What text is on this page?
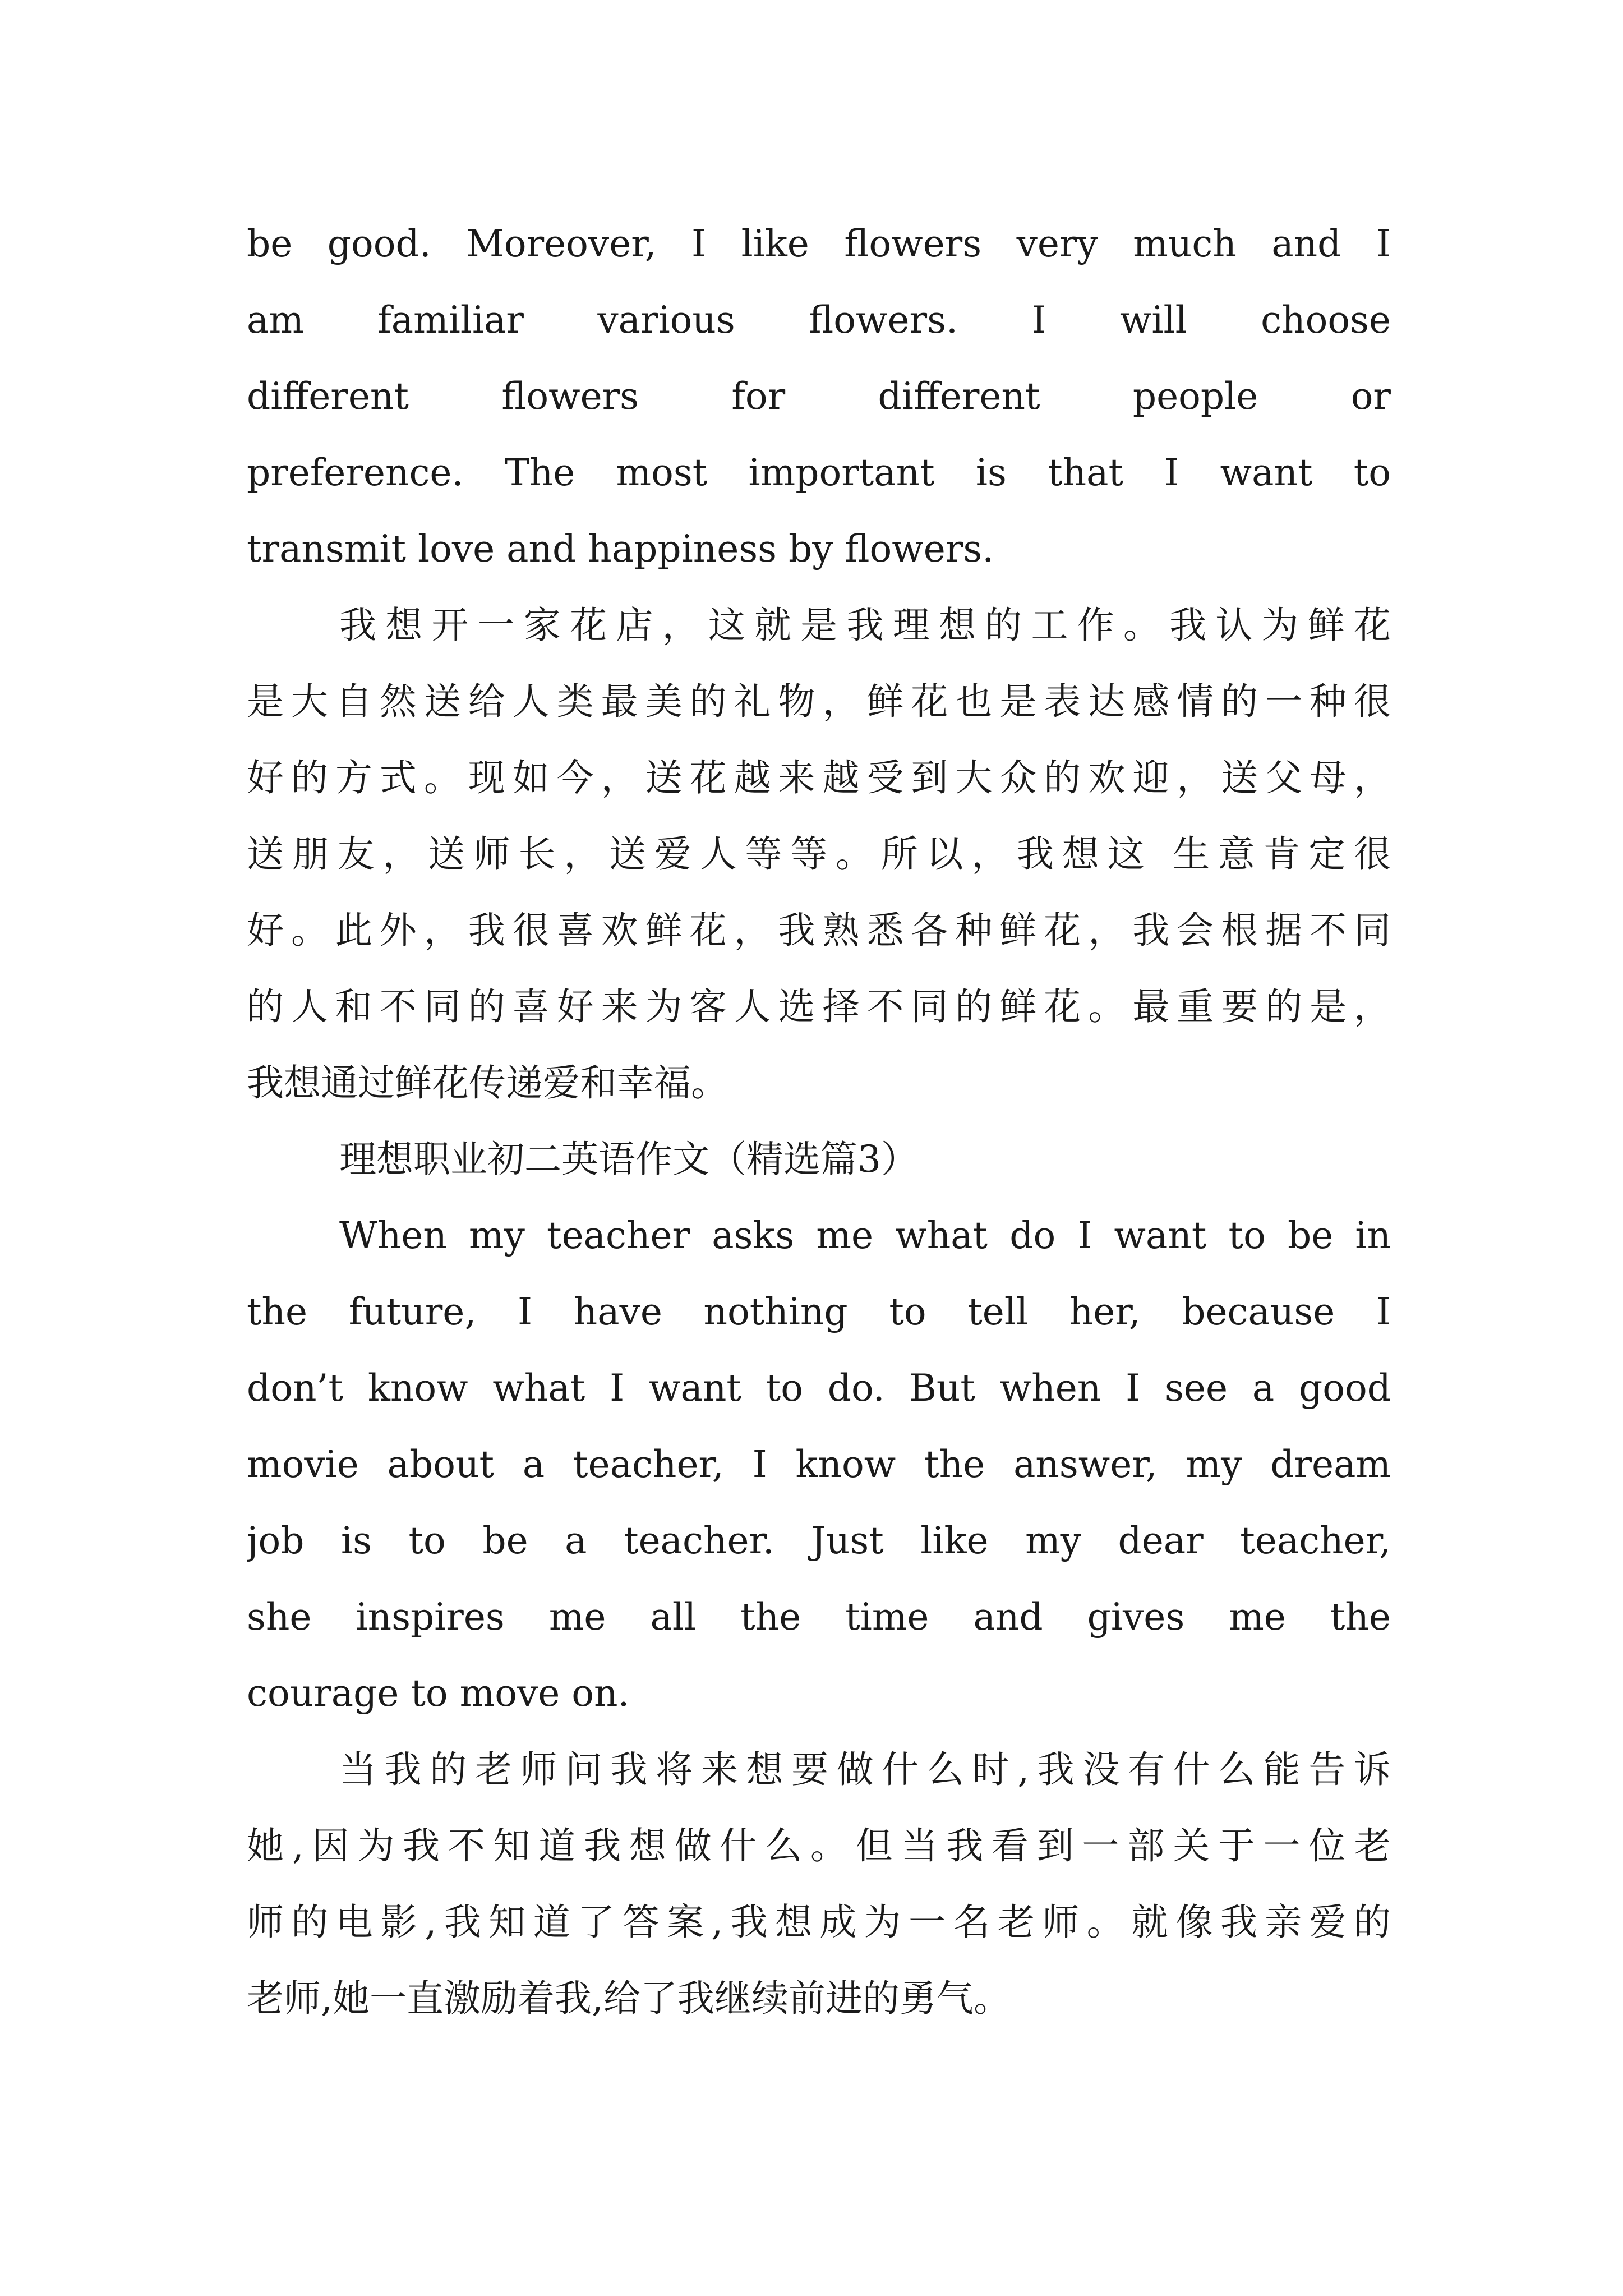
be good. Moreover, I like flowers very much and I
am familiar various flowers. I will choose
different flowers for different people or
preference. The most important is that I want to
transmit love and happiness by flowers.
我想开一家花店，这就是我理想的工作。我认为鲜花
是大自然送给人类最美的礼物，鲜花也是表达感情的一种很
好的方式。现如今，送花越来越受到大众的欢迎，送父母，
送朋友，送师长，送爱人等等。所以，我想这 生意肯定很
好。此外，我很喜欢鲜花，我熟悉各种鲜花，我会根据不同
的人和不同的喜好来为客人选择不同的鲜花。最重要的是，
我想通过鲜花传递爱和幸福。
理想职业初二英语作文（精选篇3）
When my teacher asks me what do I want to be in
the future, I have nothing to tell her, because I
don’t know what I want to do. But when I see a good
movie about a teacher, I know the answer, my dream
job is to be a teacher. Just like my dear teacher,
she inspires me all the time and gives me the
courage to move on.
当我的老师问我将来想要做什么时,我没有什么能告诉
她,因为我不知道我想做什么。但当我看到一部关于一位老
师的电影,我知道了答案,我想成为一名老师。就像我亲爱的
老师,她一直激励着我,给了我继续前进的勇气。
